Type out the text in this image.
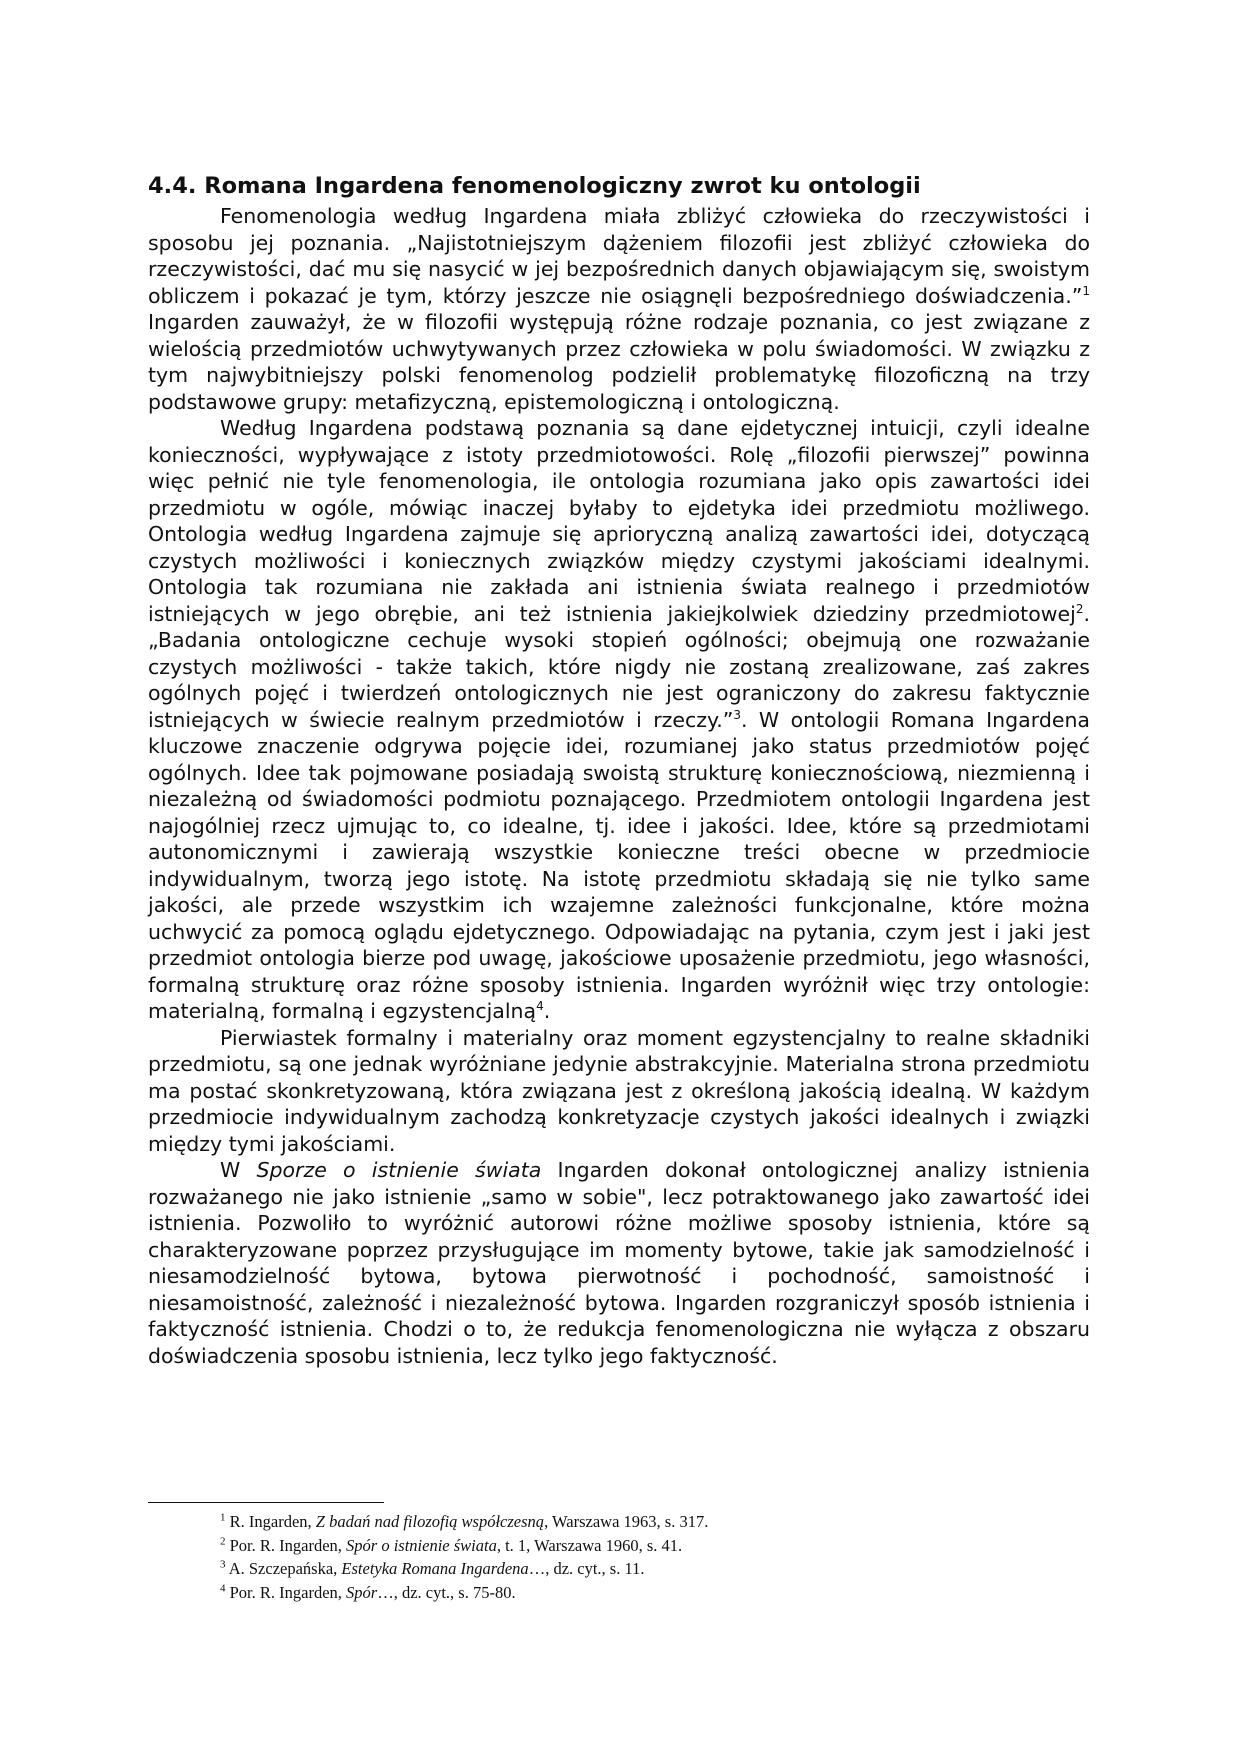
4.4. Romana Ingardena fenomenologiczny zwrot ku ontologii

Fenomenologia według Ingardena miała zbliżyć człowieka do rzeczywistości i sposobu jej poznania. „Najistotniejszym dążeniem filozofii jest zbliżyć człowieka do rzeczywistości, dać mu się nasycić w jej bezpośrednich danych objawiającym się, swoistym obliczem i pokazać je tym, którzy jeszcze nie osiągnęli bezpośredniego doświadczenia.”$^1$ Ingarden zauważył, że w filozofii występują różne rodzaje poznania, co jest związane z wielością przedmiotów uchwytywanych przez człowieka w polu świadomości. W związku z tym najwybitniejszy polski fenomenolog podzielił problematykę filozoficzną na trzy podstawowe grupy: metafizyczną, epistemologiczną i ontologiczną.

Według Ingardena podstawą poznania są dane ejdetycznej intuicji, czyli idealne konieczności, wypływające z istoty przedmiotowości. Rolę „filozofii pierwszej” powinna więc pełnić nie tyle fenomenologia, ile ontologia rozumiana jako opis zawartości idei przedmiotu w ogóle, mówiąc inaczej byłaby to ejdetyka idei przedmiotu możliwego. Ontologia według Ingardena zajmuje się aprioryczną analizą zawartości idei, dotyczącą czystych możliwości i koniecznych związków między czystymi jakościami idealnymi. Ontologia tak rozumiana nie zakłada ani istnienia świata realnego i przedmiotów istniejących w jego obrębie, ani też istnienia jakiejkolwiek dziedziny przedmiotowej$^2$. „Badania ontologiczne cechuje wysoki stopień ogólności; obejmują one rozważanie czystych możliwości - także takich, które nigdy nie zostaną zrealizowane, zaś zakres ogólnych pojęć i twierdzeń ontologicznych nie jest ograniczony do zakresu faktycznie istniejących w świecie realnym przedmiotów i rzeczy.”$^3$. W ontologii Romana Ingardena kluczowe znaczenie odgrywa pojęcie idei, rozumianej jako status przedmiotów pojęć ogólnych. Idee tak pojmowane posiadają swoistą strukturę koniecznościową, niezmienną i niezależną od świadomości podmiotu poznającego. Przedmiotem ontologii Ingardena jest najogólniej rzecz ujmując to, co idealne, tj. idee i jakości. Idee, które są przedmiotami autonomicznymi i zawierają wszystkie konieczne treści obecne w przedmiocie indywidualnym, tworzą jego istotę. Na istotę przedmiotu składają się nie tylko same jakości, ale przede wszystkim ich wzajemne zależności funkcjonalne, które można uchwycić za pomocą oglądu ejdetycznego. Odpowiadając na pytania, czym jest i jaki jest przedmiot ontologia bierze pod uwagę, jakościowe uposażenie przedmiotu, jego własności, formalną strukturę oraz różne sposoby istnienia. Ingarden wyróżnił więc trzy ontologie: materialną, formalną i egzystencjalną$^4$.

Pierwiastek formalny i materialny oraz moment egzystencjalny to realne składniki przedmiotu, są one jednak wyróżniane jedynie abstrakcyjnie. Materialna strona przedmiotu ma postać skonkretyzowaną, która związana jest z określoną jakością idealną. W każdym przedmiocie indywidualnym zachodzą konkretyzacje czystych jakości idealnych i związki między tymi jakościami.

W Sporze o istnienie świata Ingarden dokonał ontologicznej analizy istnienia rozważanego nie jako istnienie „samo w sobie", lecz potraktowanego jako zawartość idei istnienia. Pozwoliło to wyróżnić autorowi różne możliwe sposoby istnienia, które są charakteryzowane poprzez przysługujące im momenty bytowe, takie jak samodzielność i niesamodzielność bytowa, bytowa pierwotność i pochodność, samoistność i niesamoistność, zależność i niezależność bytowa. Ingarden rozgraniczył sposób istnienia i faktyczność istnienia. Chodzi o to, że redukcja fenomenologiczna nie wyłącza z obszaru doświadczenia sposobu istnienia, lecz tylko jego faktyczność.

$^1$ R. Ingarden, Z badań nad filozofią współczesną, Warszawa 1963, s. 317.

$^2$ Por. R. Ingarden, Spór o istnienie świata, t. 1, Warszawa 1960, s. 41.

$^3$ A. Szczepańska, Estetyka Romana Ingardena…, dz. cyt., s. 11.

$^4$ Por. R. Ingarden, Spór…, dz. cyt., s. 75-80.
